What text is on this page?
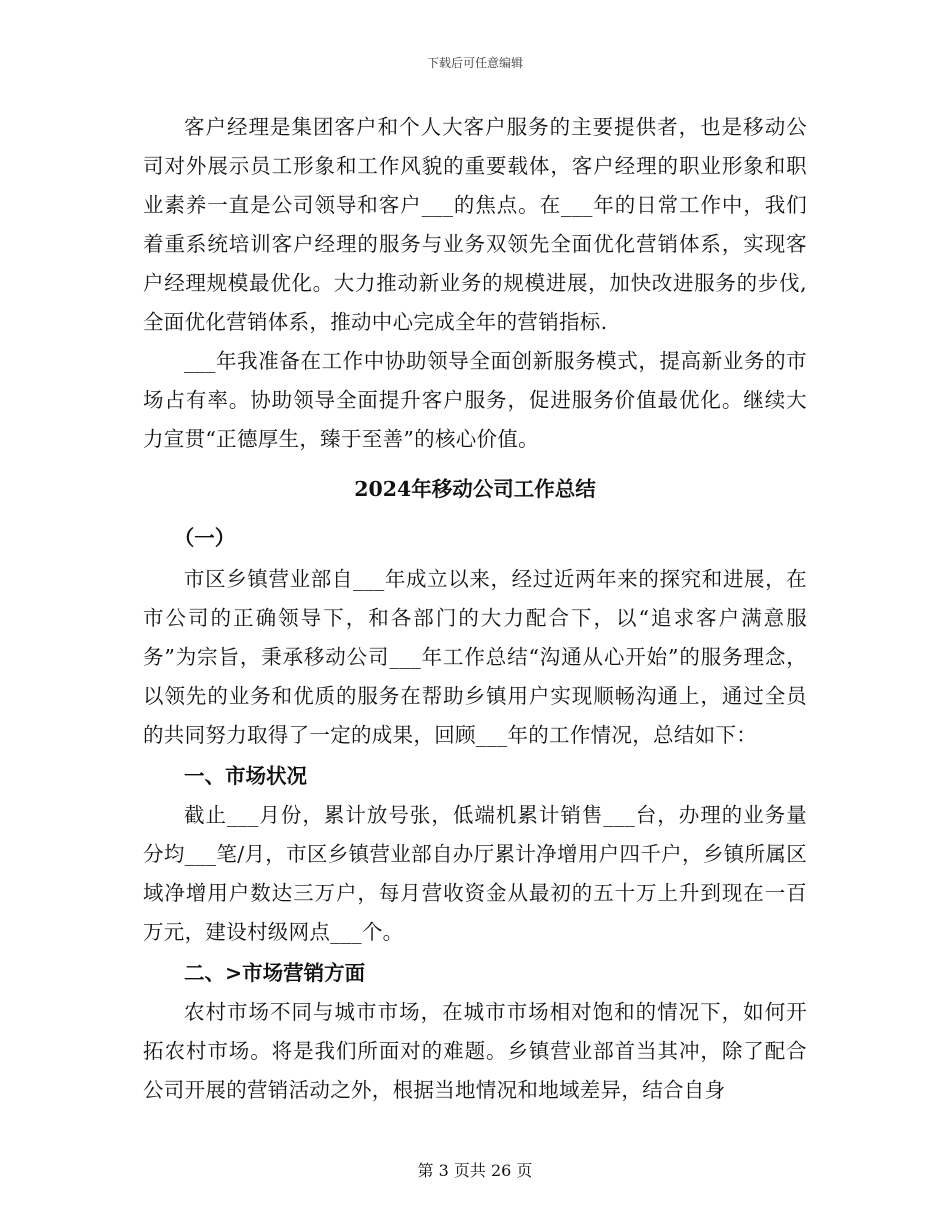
下载后可任意编辑

客户经理是集团客户和个人大客户服务的主要提供者，也是移动公司对外展示员工形象和工作风貌的重要载体，客户经理的职业形象和职业素养一直是公司领导和客户___的焦点。在___年的日常工作中，我们着重系统培训客户经理的服务与业务双领先全面优化营销体系，实现客户经理规模最优化。大力推动新业务的规模进展，加快改进服务的步伐,全面优化营销体系，推动中心完成全年的营销指标.

___年我准备在工作中协助领导全面创新服务模式，提高新业务的市场占有率。协助领导全面提升客户服务，促进服务价值最优化。继续大力宣贯“正德厚生，臻于至善”的核心价值。

2024年移动公司工作总结

（一）

市区乡镇营业部自___年成立以来，经过近两年来的探究和进展，在市公司的正确领导下，和各部门的大力配合下，以“追求客户满意服务”为宗旨，秉承移动公司___年工作总结“沟通从心开始”的服务理念，以领先的业务和优质的服务在帮助乡镇用户实现顺畅沟通上，通过全员的共同努力取得了一定的成果，回顾___年的工作情况，总结如下：

一、市场状况

截止___月份，累计放号张，低端机累计销售___台，办理的业务量分均___笔/月，市区乡镇营业部自办厅累计净增用户四千户，乡镇所属区域净增用户数达三万户，每月营收资金从最初的五十万上升到现在一百万元，建设村级网点___个。

二、>市场营销方面

农村市场不同与城市市场，在城市市场相对饱和的情况下，如何开拓农村市场。将是我们所面对的难题。乡镇营业部首当其冲，除了配合公司开展的营销活动之外，根据当地情况和地域差异，结合自身

第 3 页共 26 页
